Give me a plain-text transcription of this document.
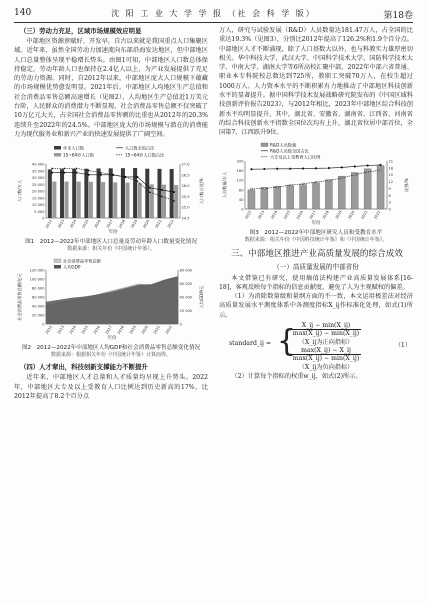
140	沈 阳 工 业 大 学 学 报 （社 会 科 学 版）	第18卷
（三）劳动力充足，区域市场规模效应明显

中部地区资源禀赋好、开发早，自古以来就是我国重点人口集聚区域。近年来，虽然全国劳动力加速流向东部沿海发达地区，但中部地区人口总量整体呈现平稳增长势头。由图1可知，中部地区人口数总体保持稳定，劳动年龄人口也保持在2.4亿人以上，为产业发展提供了充足的劳动力资源。同时，自2012年以来，中部地区庞大人口规模下蕴藏的市场规模优势愈发明显。2021年后，中部地区人均地区生产总值和社会消费品零售总额高速增长（见图2），人均地区生产总值近1万美元台阶，人民群众的消费潜力不断显现，社会消费品零售总额不仅突破了10万亿元大关，占全国社会消费品零售额的比重也从2012年的20.3%连续升至2022年的24.5%。中部地区庞大的市场规模与潜在的消费能力为现代服务业和新兴产业的快速发展提供了广阔空间。

40 000
35 000
30 000
25 000
20 000
15 000
10 000
5 000
0
27.0
26.5
26.0
25.5
25.0
24.5
2012 2013 2014 2015 2016 2017 2018 2019 2020 2021 2022
人口数/万人	人口数占比/%
年份
年末人口数
15~64岁人口数
人口数全国占比
15~64岁人口数占比
图1　2012—2022年中部地区人口总量及劳动年龄人口数量变化情况
数据来源：相关年份《中国统计年鉴》。
120 000
100 000
80 000
60 000
40 000
20 000
0
80 000
60 000
40 000
20 000
0
2012 2013 2014 2015 2016 2017 2018 2019 2020 2021 2022
社会消费品零售总额/亿元	人均GDP/元
年份
社会消费品零售总额
人均GDP
图2　2012—2022年中部地区人均GDP和社会消费品零售总额变化情况
数据来源：根据相关年份《中国统计年鉴》计算而得。
（四）人才辈出，科技创新支撑能力不断提升

近年来，中部地区人才总量和人才质量均呈现上升势头。2022年，中部地区大专及以上受教育人口比例达到历史新高的17%，比2012年提高了8.2个百分点

万人，研究与试验发展（R&D）人员数量达181.47万人，占全国的比重达19.3%（见图3），分别比2012年提高了126.2%和1.9个百分点。中部地区人才不断涌现，除了人口基数大以外，也与科教实力雄厚密切相关。华中科技大学、武汉大学、中国科学技术大学、国防科学技术大学、中南大学、湖南大学等6所高校汇聚中部，2022年中部六省普通、职业本专科院校总数达到725所，教职工突破70万人，在校生超过1000万人。人力资本水平的不断积累有力地推动了中部地区科技创新水平的显著提升。据中国科学技术发展战略研究院发布的《中国区域科技创新评价报告2023》，与2012年相比，2023年中部地区综合科技创新水平均明显提升，其中，湖北省、安徽省、湖南省、江西省、河南省的综合科技创新水平指数全国位次均有上升，湖北省位居中部首位，全国第7，江西跃升9位。

200
160
120
80
40
0
21
18
15
12
9
6
3
0
2012 2013 2014 2015 2016 2017 2018 2019 2020 2021 2022
人员数量/万人	比例/%
年份
R&D人员数量
R&D人员数全国占比
大专及以上受教育人口比例
图3　2012—2022年中部地区研究人员和受教育水平
数据来源：相关年份《中国科技统计年鉴》和《中国统计年鉴》。
三、中部地区推进产业高质量发展的综合成效
（一）高质量发展的中部省份

本文借鉴已有研究，使用熵值法构建产业高质量发展体系[16-18]，客观反映每个指标的信息贡献度，避免了人为主观赋权的偏差。

（1）为消除数量级和量纲方面的不一致，本文运用极差法对经济高质量发展水平测度体系中各测度指标X_ij作标准化处理，如式(1)所示。

standard_ij = { X_ij − min(X_ij)
max(X_ij) − min(X_ij)
（X_ij为正向指标）
max(X_ij) − X_ij
max(X_ij) − min(X_ij)
（X_ij为负向指标）
（1）

（2）计算每个指标的权重w_ij，如式(2)所示。
